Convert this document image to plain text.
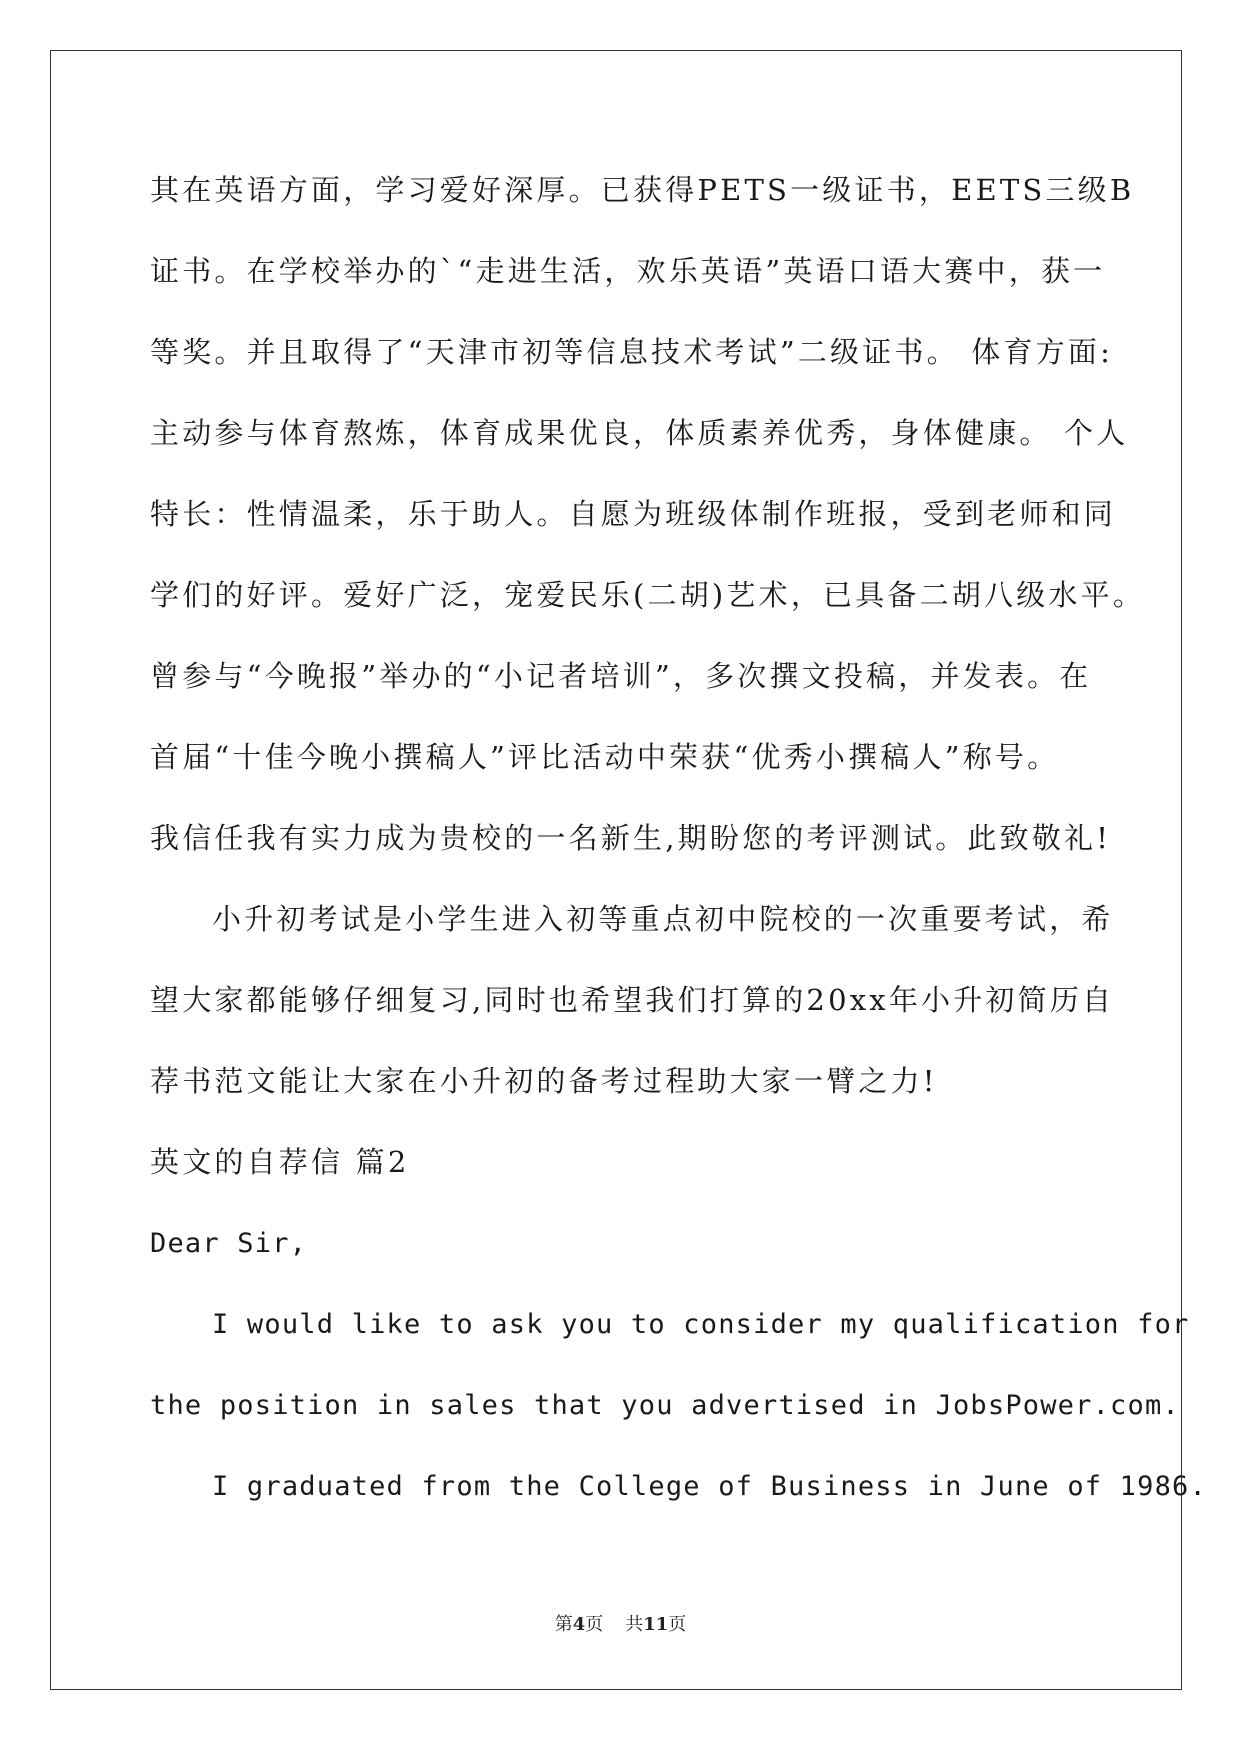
其在英语方面，学习爱好深厚。已获得PETS一级证书，EETS三级B
证书。在学校举办的`“走进生活，欢乐英语”英语口语大赛中，获一
等奖。并且取得了“天津市初等信息技术考试”二级证书。 体育方面:
主动参与体育熬炼，体育成果优良，体质素养优秀，身体健康。 个人
特长：性情温柔，乐于助人。自愿为班级体制作班报，受到老师和同
学们的好评。爱好广泛，宠爱民乐(二胡)艺术，已具备二胡八级水平。
曾参与“今晚报”举办的“小记者培训”，多次撰文投稿，并发表。在
首届“十佳今晚小撰稿人”评比活动中荣获“优秀小撰稿人”称号。
我信任我有实力成为贵校的一名新生,期盼您的考评测试。此致敬礼!
小升初考试是小学生进入初等重点初中院校的一次重要考试，希
望大家都能够仔细复习,同时也希望我们打算的20xx年小升初简历自
荐书范文能让大家在小升初的备考过程助大家一臂之力!
英文的自荐信 篇2
Dear Sir,
I would like to ask you to consider my qualification for
the position in sales that you advertised in JobsPower.com.
I graduated from the College of Business in June of 1986.
第4页 共11页
